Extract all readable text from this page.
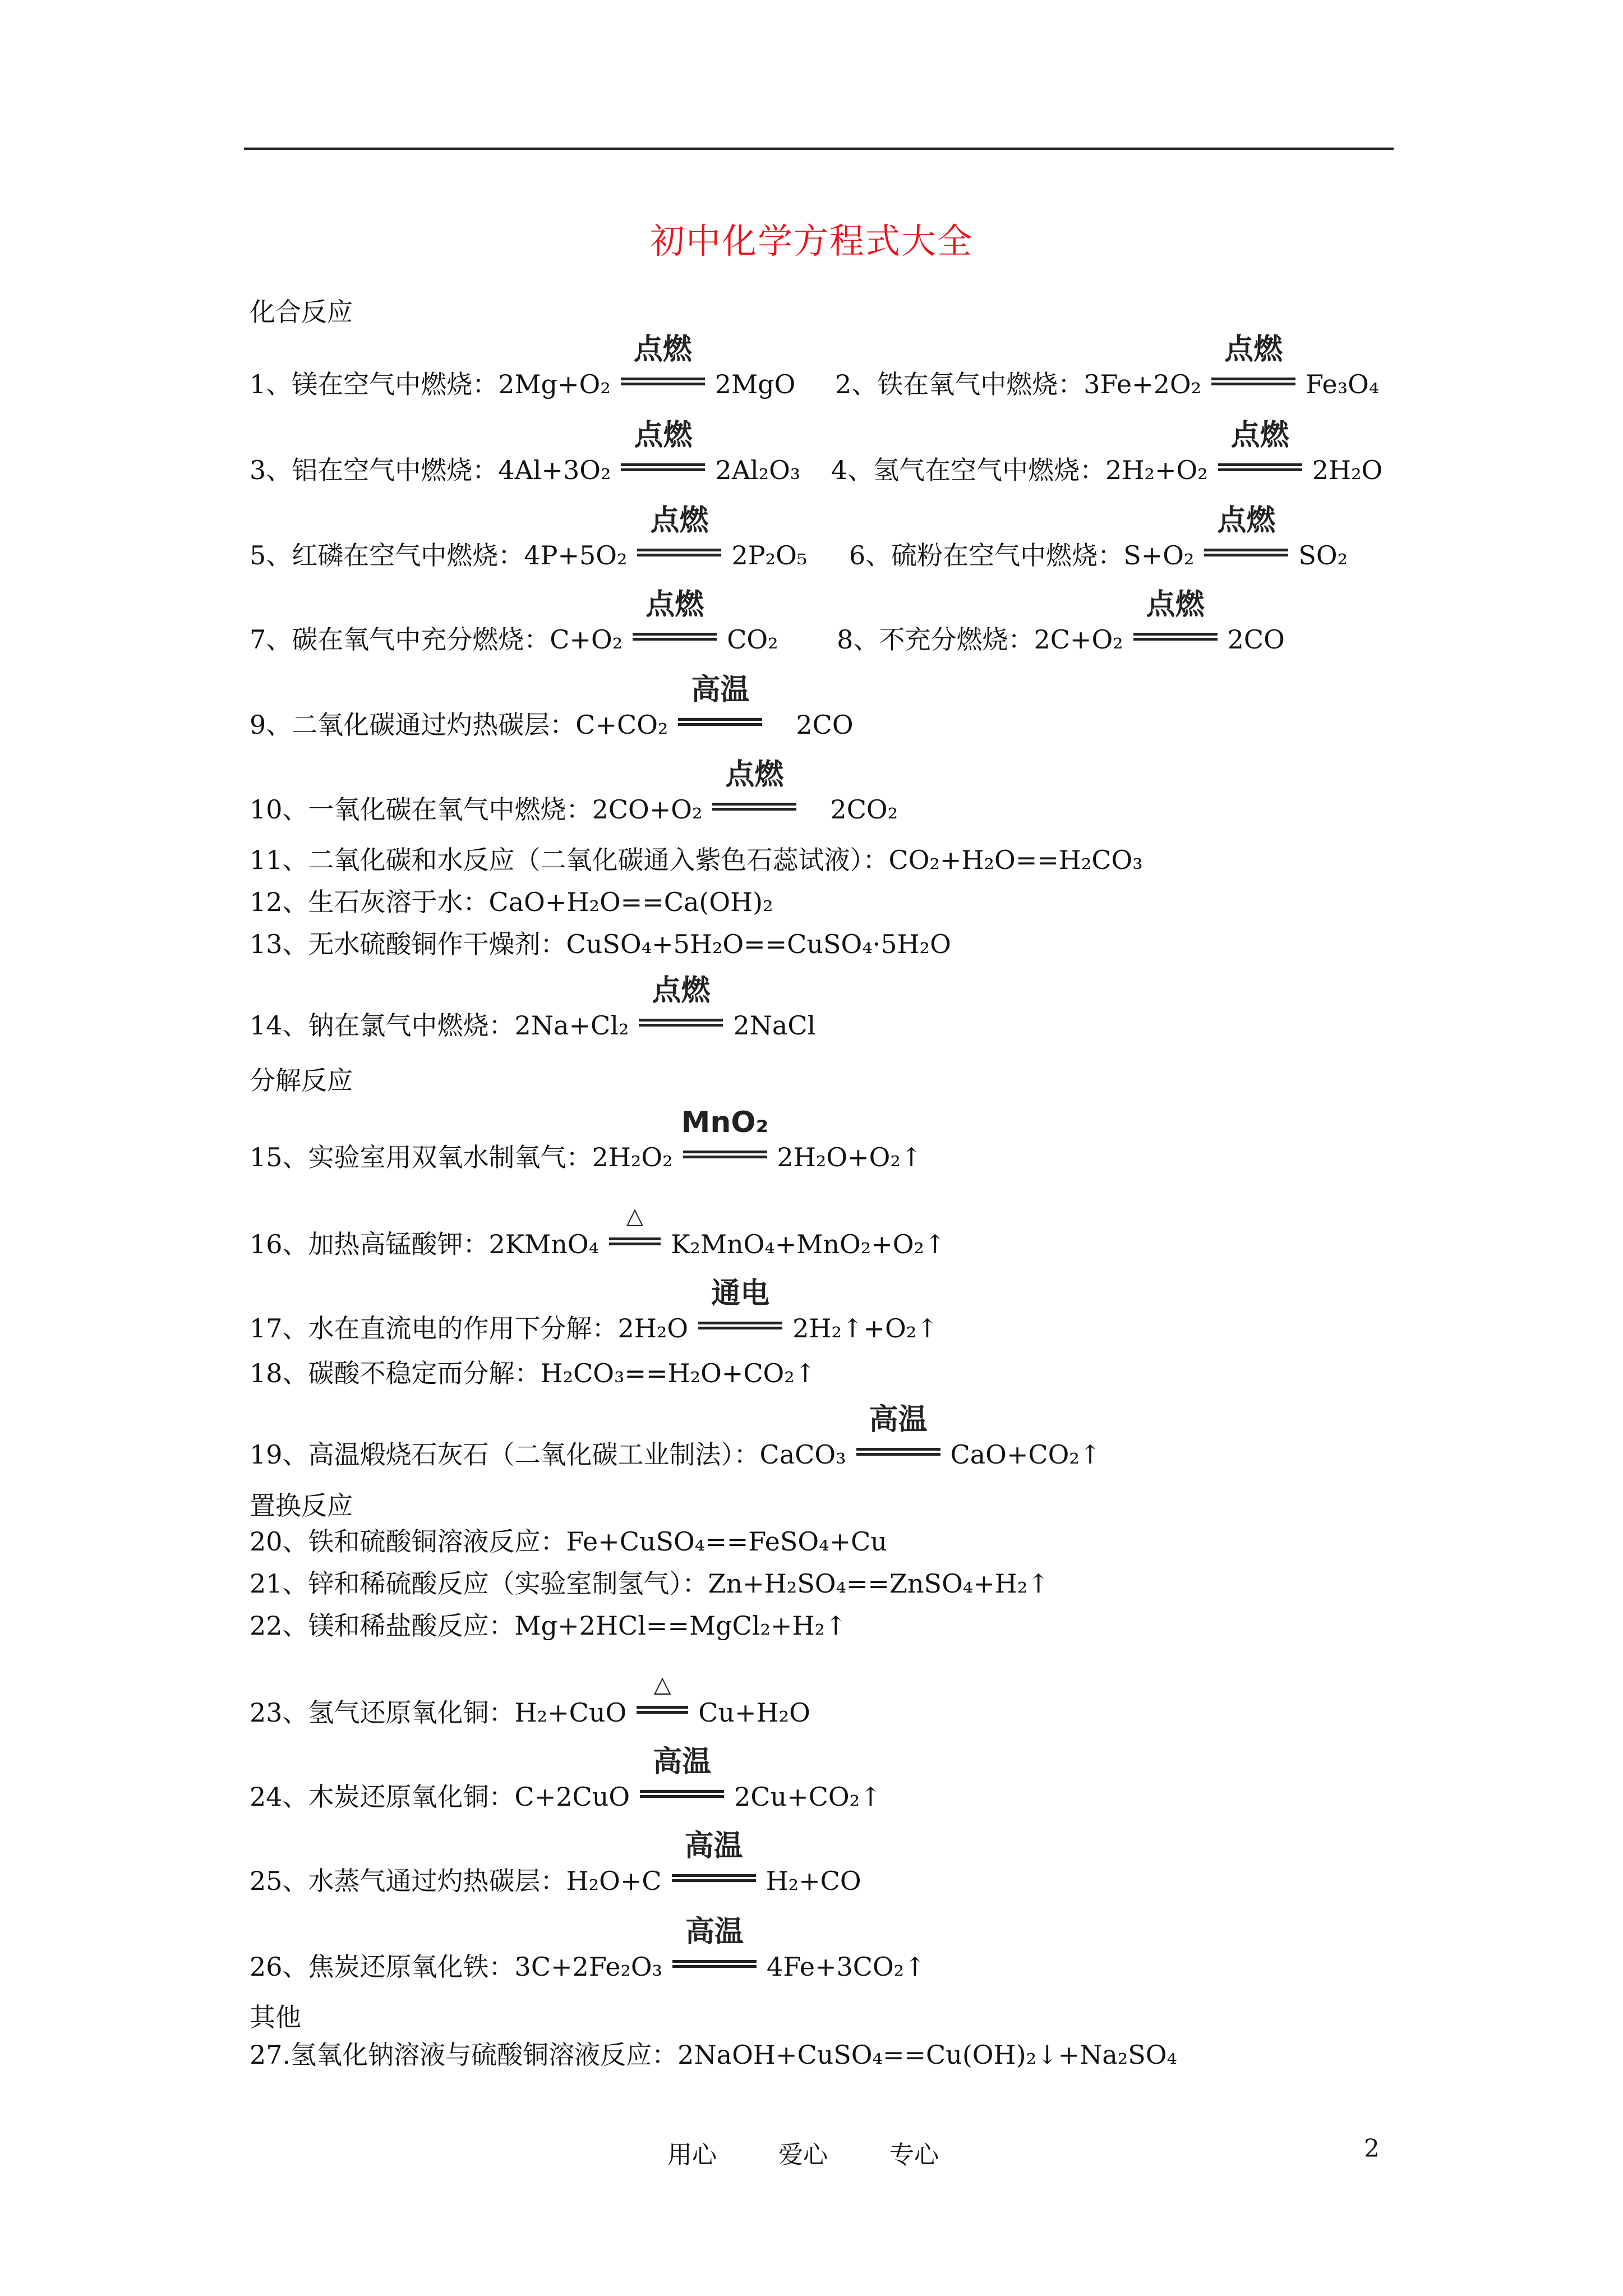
初中化学方程式大全
化合反应
1、镁在空气中燃烧：2Mg+O₂
点燃
2MgO 2、铁在氧气中燃烧：3Fe+2O₂
点燃
Fe₃O₄
3、铝在空气中燃烧：4Al+3O₂
点燃
2Al₂O₃ 4、氢气在空气中燃烧：2H₂+O₂
点燃
2H₂O
5、红磷在空气中燃烧：4P+5O₂
点燃
2P₂O₅ 6、硫粉在空气中燃烧：S+O₂
点燃
SO₂
7、碳在氧气中充分燃烧：C+O₂
点燃
CO₂ 8、不充分燃烧：2C+O₂
点燃
2CO
9、二氧化碳通过灼热碳层：C+CO₂
高温
2CO
10、一氧化碳在氧气中燃烧：2CO+O₂
点燃
2CO₂
11、二氧化碳和水反应（二氧化碳通入紫色石蕊试液）：CO₂+H₂O==H₂CO₃
12、生石灰溶于水：CaO+H₂O==Ca(OH)₂
13、无水硫酸铜作干燥剂：CuSO₄+5H₂O==CuSO₄·5H₂O
14、钠在氯气中燃烧：2Na+Cl₂
点燃
2NaCl
分解反应
15、实验室用双氧水制氧气：2H₂O₂
MnO₂
2H₂O+O₂↑
16、加热高锰酸钾：2KMnO₄
△
K₂MnO₄+MnO₂+O₂↑
17、水在直流电的作用下分解：2H₂O
通电
2H₂↑+O₂↑
18、碳酸不稳定而分解：H₂CO₃==H₂O+CO₂↑
19、高温煅烧石灰石（二氧化碳工业制法）：CaCO₃
高温
CaO+CO₂↑
置换反应
20、铁和硫酸铜溶液反应：Fe+CuSO₄==FeSO₄+Cu
21、锌和稀硫酸反应（实验室制氢气）：Zn+H₂SO₄==ZnSO₄+H₂↑
22、镁和稀盐酸反应：Mg+2HCl==MgCl₂+H₂↑
23、氢气还原氧化铜：H₂+CuO
△
Cu+H₂O
24、木炭还原氧化铜：C+2CuO
高温
2Cu+CO₂↑
25、水蒸气通过灼热碳层：H₂O+C
高温
H₂+CO
26、焦炭还原氧化铁：3C+2Fe₂O₃
高温
4Fe+3CO₂↑
其他
27.氢氧化钠溶液与硫酸铜溶液反应：2NaOH+CuSO₄==Cu(OH)₂↓+Na₂SO₄
用心	爱心	专心	2
